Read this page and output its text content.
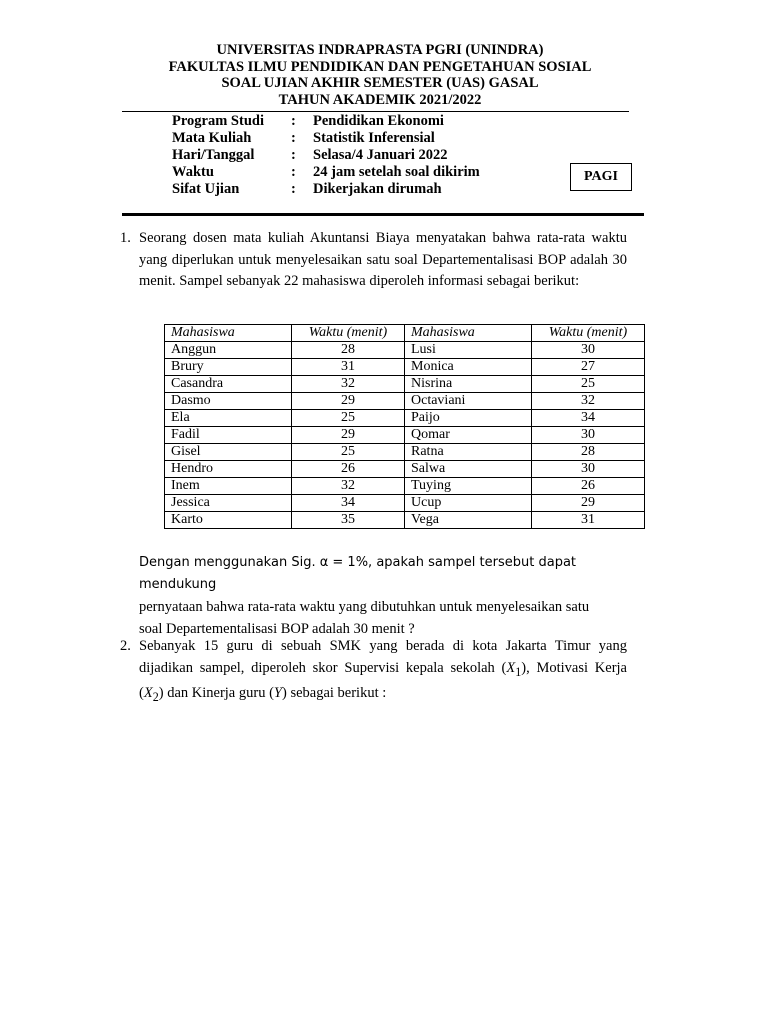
UNIVERSITAS INDRAPRASTA PGRI (UNINDRA)
FAKULTAS ILMU PENDIDIKAN DAN PENGETAHUAN SOSIAL
SOAL UJIAN AKHIR SEMESTER (UAS) GASAL
TAHUN AKADEMIK 2021/2022
Program Studi	:	Pendidikan Ekonomi
Mata Kuliah	:	Statistik Inferensial
Hari/Tanggal	:	Selasa/4 Januari 2022
Waktu	:	24 jam setelah soal dikirim
Sifat Ujian	:	Dikerjakan dirumah
PAGI
1. Seorang dosen mata kuliah Akuntansi Biaya menyatakan bahwa rata-rata waktu yang diperlukan untuk menyelesaikan satu soal Departementalisasi BOP adalah 30 menit. Sampel sebanyak 22 mahasiswa diperoleh informasi sebagai berikut:
Mahasiswa	Waktu (menit)	Mahasiswa	Waktu (menit)
Anggun	28	Lusi	30
Brury	31	Monica	27
Casandra	32	Nisrina	25
Dasmo	29	Octaviani	32
Ela	25	Paijo	34
Fadil	29	Qomar	30
Gisel	25	Ratna	28
Hendro	26	Salwa	30
Inem	32	Tuying	26
Jessica	34	Ucup	29
Karto	35	Vega	31
Dengan menggunakan Sig. α = 1%, apakah sampel tersebut dapat mendukung
pernyataan bahwa rata-rata waktu yang dibutuhkan untuk menyelesaikan satu
soal Departementalisasi BOP adalah 30 menit ?
2. Sebanyak 15 guru di sebuah SMK yang berada di kota Jakarta Timur yang dijadikan sampel, diperoleh skor Supervisi kepala sekolah $(X_1)$, Motivasi Kerja $(X_2)$ dan Kinerja guru (Y) sebagai berikut :
